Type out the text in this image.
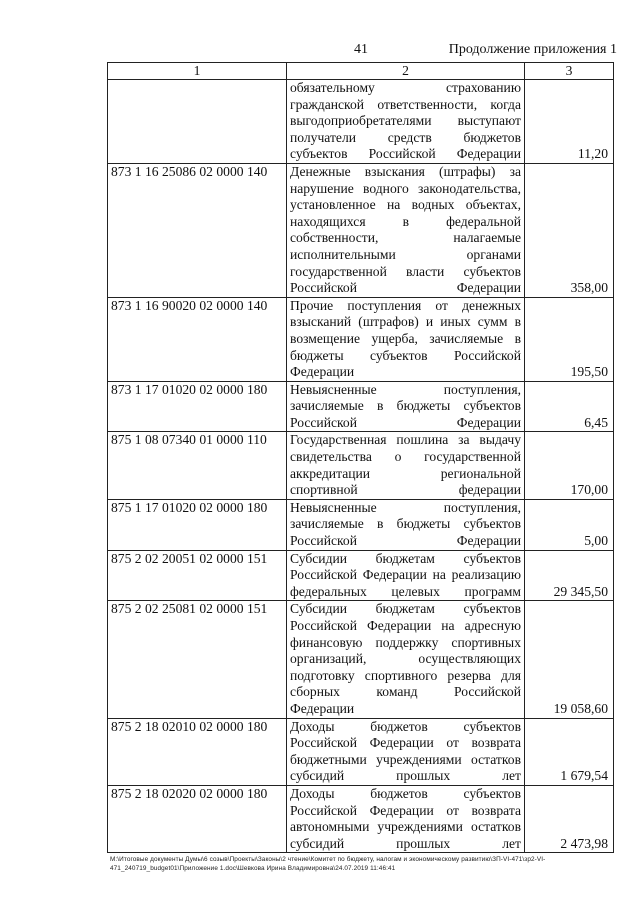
41	Продолжение приложения 1
1	2	3
	обязательному страхованию гражданской ответственности, когда выгодоприобретателями выступают получатели средств бюджетов субъектов Российской Федерации	11,20
873 1 16 25086 02 0000 140	Денежные взыскания (штрафы) за нарушение водного законодательства, установленное на водных объектах, находящихся в федеральной собственности, налагаемые исполнительными органами государственной власти субъектов Российской Федерации	358,00
873 1 16 90020 02 0000 140	Прочие поступления от денежных взысканий (штрафов) и иных сумм в возмещение ущерба, зачисляемые в бюджеты субъектов Российской Федерации	195,50
873 1 17 01020 02 0000 180	Невыясненные поступления, зачисляемые в бюджеты субъектов Российской Федерации	6,45
875 1 08 07340 01 0000 110	Государственная пошлина за выдачу свидетельства о государственной аккредитации региональной спортивной федерации	170,00
875 1 17 01020 02 0000 180	Невыясненные поступления, зачисляемые в бюджеты субъектов Российской Федерации	5,00
875 2 02 20051 02 0000 151	Субсидии бюджетам субъектов Российской Федерации на реализацию федеральных целевых программ	29 345,50
875 2 02 25081 02 0000 151	Субсидии бюджетам субъектов Российской Федерации на адресную финансовую поддержку спортивных организаций, осуществляющих подготовку спортивного резерва для сборных команд Российской Федерации	19 058,60
875 2 18 02010 02 0000 180	Доходы бюджетов субъектов Российской Федерации от возврата бюджетными учреждениями остатков субсидий прошлых лет	1 679,54
875 2 18 02020 02 0000 180	Доходы бюджетов субъектов Российской Федерации от возврата автономными учреждениями остатков субсидий прошлых лет	2 473,98
M:\Итоговые документы Думы\6 созыв\Проекты\Законы\2 чтение\Комитет по бюджету, налогам и экономическому развитию\ЗП-VI-471\зр2-VI-471_240719_budget01\Приложение 1.doc\Шевкова Ирина Владимировна\24.07.2019 11:46:41
